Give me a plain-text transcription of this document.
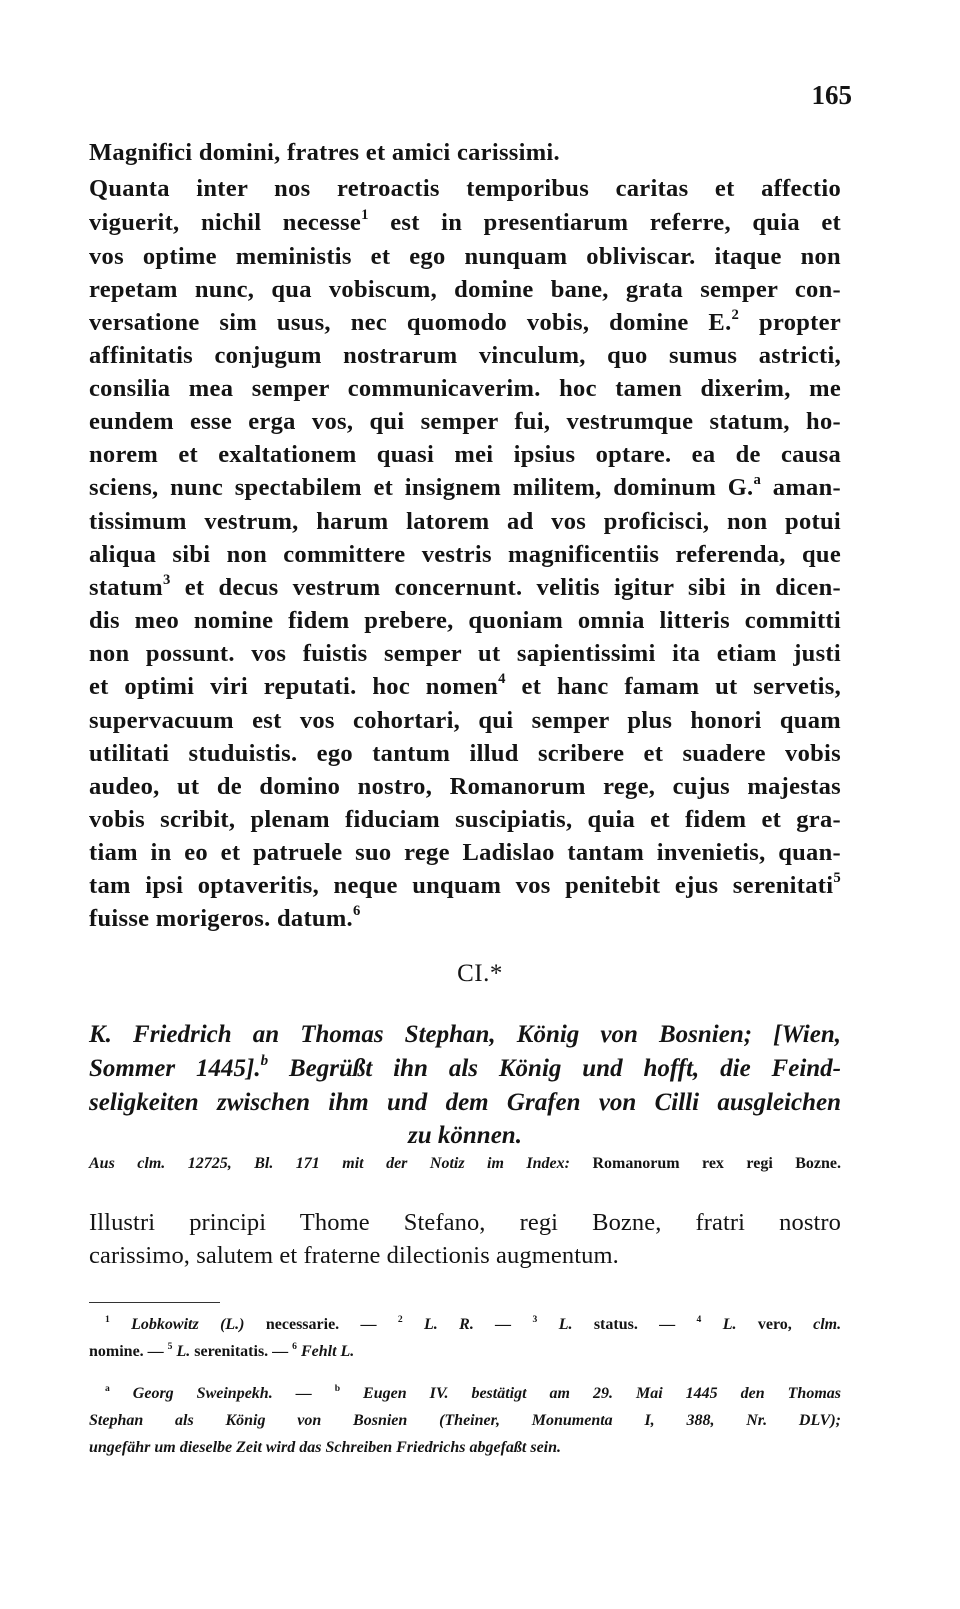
165
Magnifici domini, fratres et amici carissimi.
Quanta inter nos retroactis temporibus caritas et affectio
viguerit, nichil necesse$^1$ est in presentiarum referre, quia et
vos optime meministis et ego nunquam obliviscar. itaque non
repetam nunc, qua vobiscum, domine bane, grata semper con-
versatione sim usus, nec quomodo vobis, domine E.$^2$ propter
affinitatis conjugum nostrarum vinculum, quo sumus astricti,
consilia mea semper communicaverim. hoc tamen dixerim, me
eundem esse erga vos, qui semper fui, vestrumque statum, ho-
norem et exaltationem quasi mei ipsius optare. ea de causa
sciens, nunc spectabilem et insignem militem, dominum G.$^a$ aman-
tissimum vestrum, harum latorem ad vos proficisci, non potui
aliqua sibi non committere vestris magnificentiis referenda, que
statum$^3$ et decus vestrum concernunt. velitis igitur sibi in dicen-
dis meo nomine fidem prebere, quoniam omnia litteris committi
non possunt. vos fuistis semper ut sapientissimi ita etiam justi
et optimi viri reputati. hoc nomen$^4$ et hanc famam ut servetis,
supervacuum est vos cohortari, qui semper plus honori quam
utilitati studuistis. ego tantum illud scribere et suadere vobis
audeo, ut de domino nostro, Romanorum rege, cujus majestas
vobis scribit, plenam fiduciam suscipiatis, quia et fidem et gra-
tiam in eo et patruele suo rege Ladislao tantam invenietis, quan-
tam ipsi optaveritis, neque unquam vos penitebit ejus serenitati$^5$
fuisse morigeros. datum.$^6$
CI.*
K. Friedrich an Thomas Stephan, König von Bosnien; [Wien,
Sommer 1445].$^b$ Begrüßt ihn als König und hofft, die Feind-
seligkeiten zwischen ihm und dem Grafen von Cilli ausgleichen
zu können.
Aus clm. 12725, Bl. 171 mit der Notiz im Index: Romanorum rex regi Bozne.
Illustri principi Thome Stefano, regi Bozne, fratri nostro
carissimo, salutem et fraterne dilectionis augmentum.
$^1$ Lobkowitz (L.) necessarie. — $^2$ L. R. — $^3$ L. status. — $^4$ L. vero, clm.
nomine. — $^5$ L. serenitatis. — $^6$ Fehlt L.
$^a$ Georg Sweinpekh. — $^b$ Eugen IV. bestätigt am 29. Mai 1445 den Thomas
Stephan als König von Bosnien (Theiner, Monumenta I, 388, Nr. DLV);
ungefähr um dieselbe Zeit wird das Schreiben Friedrichs abgefaßt sein.
